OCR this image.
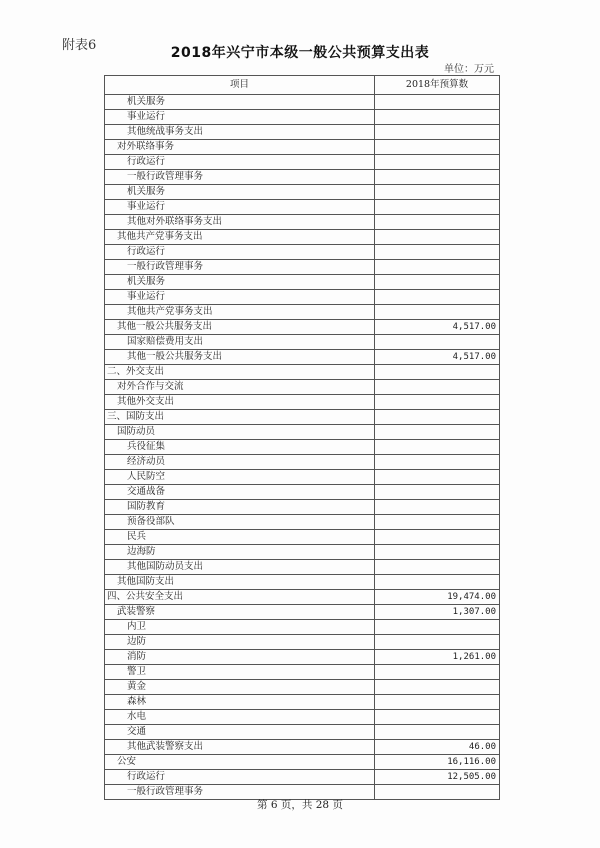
附表6	2018年兴宁市本级一般公共预算支出表
单位：万元
项目	2018年预算数
机关服务	
事业运行	
其他统战事务支出	
对外联络事务	
行政运行	
一般行政管理事务	
机关服务	
事业运行	
其他对外联络事务支出	
其他共产党事务支出	
行政运行	
一般行政管理事务	
机关服务	
事业运行	
其他共产党事务支出	
其他一般公共服务支出	4,517.00
国家赔偿费用支出	
其他一般公共服务支出	4,517.00
二、外交支出	
对外合作与交流	
其他外交支出	
三、国防支出	
国防动员	
兵役征集	
经济动员	
人民防空	
交通战备	
国防教育	
预备役部队	
民兵	
边海防	
其他国防动员支出	
其他国防支出	
四、公共安全支出	19,474.00
武装警察	1,307.00
内卫	
边防	
消防	1,261.00
警卫	
黄金	
森林	
水电	
交通	
其他武装警察支出	46.00
公安	16,116.00
行政运行	12,505.00
一般行政管理事务	
第 6 页，共 28 页
